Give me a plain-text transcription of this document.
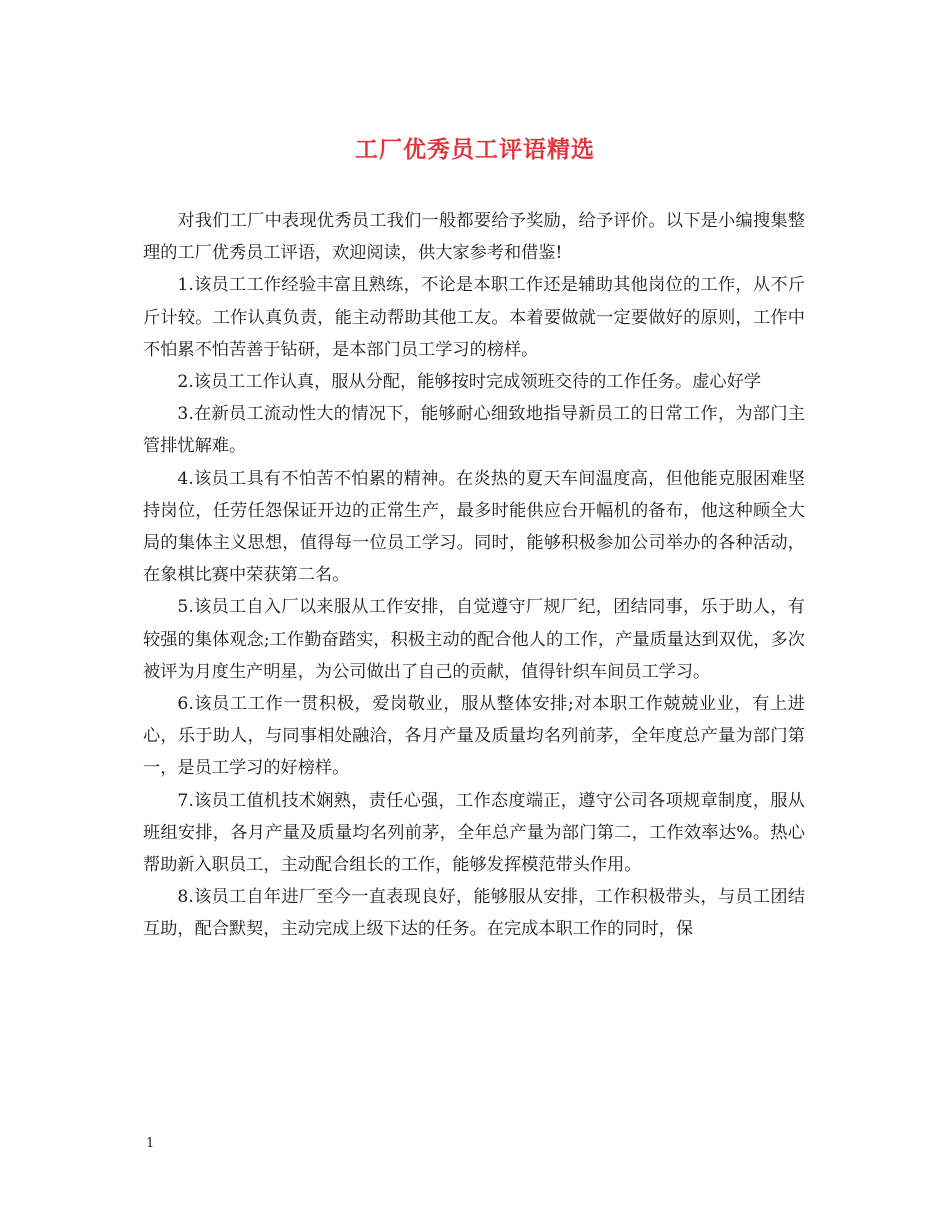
工厂优秀员工评语精选

对我们工厂中表现优秀员工我们一般都要给予奖励，给予评价。以下是小编搜集整理的工厂优秀员工评语，欢迎阅读，供大家参考和借鉴!

1.该员工工作经验丰富且熟练，不论是本职工作还是辅助其他岗位的工作，从不斤斤计较。工作认真负责，能主动帮助其他工友。本着要做就一定要做好的原则，工作中不怕累不怕苦善于钻研，是本部门员工学习的榜样。

2.该员工工作认真，服从分配，能够按时完成领班交待的工作任务。虚心好学

3.在新员工流动性大的情况下，能够耐心细致地指导新员工的日常工作，为部门主管排忧解难。

4.该员工具有不怕苦不怕累的精神。在炎热的夏天车间温度高，但他能克服困难坚持岗位，任劳任怨保证开边的正常生产，最多时能供应台开幅机的备布，他这种顾全大局的集体主义思想，值得每一位员工学习。同时，能够积极参加公司举办的各种活动，在象棋比赛中荣获第二名。

5.该员工自入厂以来服从工作安排，自觉遵守厂规厂纪，团结同事，乐于助人，有较强的集体观念;工作勤奋踏实，积极主动的配合他人的工作，产量质量达到双优，多次被评为月度生产明星，为公司做出了自己的贡献，值得针织车间员工学习。

6.该员工工作一贯积极，爱岗敬业，服从整体安排;对本职工作兢兢业业，有上进心，乐于助人，与同事相处融洽，各月产量及质量均名列前茅，全年度总产量为部门第一，是员工学习的好榜样。

7.该员工值机技术娴熟，责任心强，工作态度端正，遵守公司各项规章制度，服从班组安排，各月产量及质量均名列前茅，全年总产量为部门第二，工作效率达%。热心帮助新入职员工，主动配合组长的工作，能够发挥模范带头作用。

8.该员工自年进厂至今一直表现良好，能够服从安排，工作积极带头，与员工团结互助，配合默契，主动完成上级下达的任务。在完成本职工作的同时，保

1
